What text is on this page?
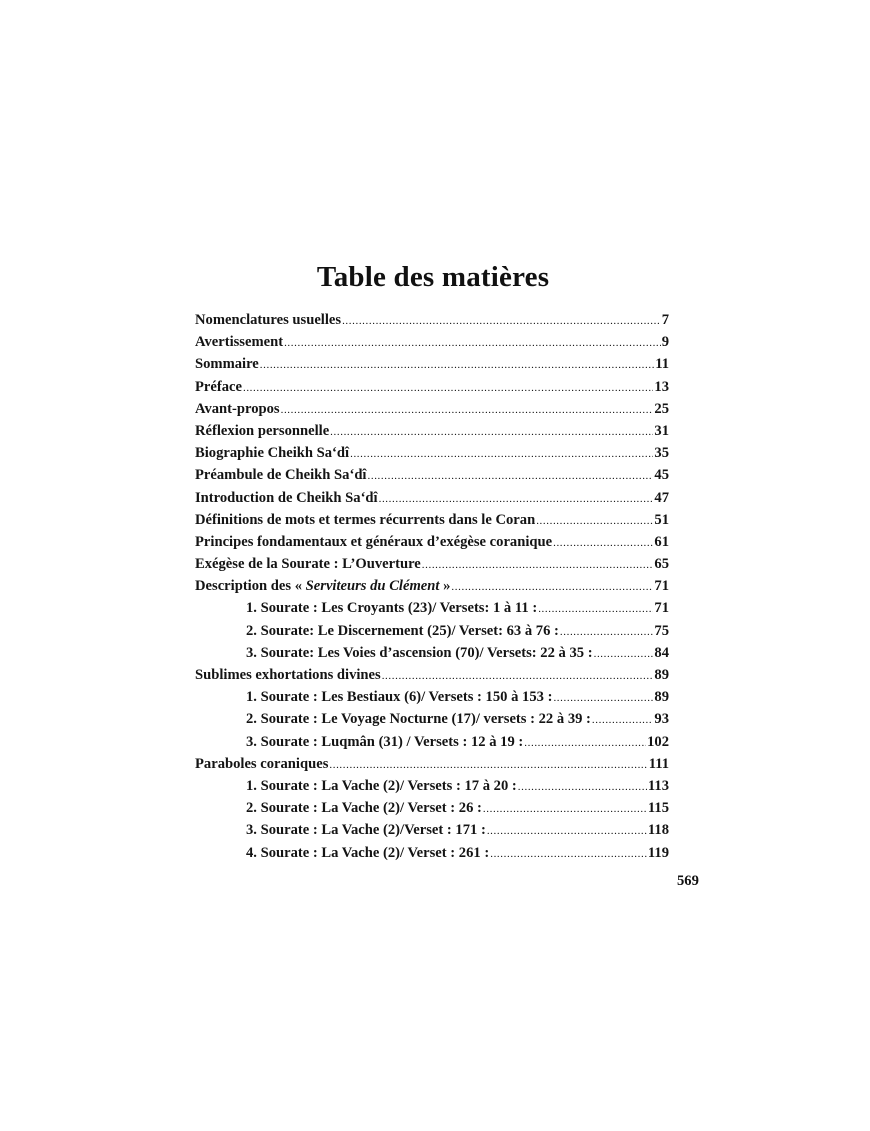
Table des matières
Nomenclatures usuelles .....	7
Avertissement .....	9
Sommaire .....	11
Préface .....	13
Avant-propos .....	25
Réflexion personnelle .....	31
Biographie Cheikh Sa‘dî .....	35
Préambule de Cheikh Sa‘dî .....	45
Introduction de Cheikh Sa‘dî .....	47
Définitions de mots et termes récurrents dans le Coran .....	51
Principes fondamentaux et généraux d’exégèse coranique .....	61
Exégèse de la Sourate : L’Ouverture .....	65
Description des « Serviteurs du Clément » .....	71
1. Sourate : Les Croyants (23)/ Versets: 1 à 11 : .....	71
2. Sourate: Le Discernement (25)/ Verset: 63 à 76 : .....	75
3. Sourate: Les Voies d’ascension (70)/ Versets: 22 à 35 : .....	84
Sublimes exhortations divines .....	89
1. Sourate : Les Bestiaux (6)/ Versets : 150 à 153 : .....	89
2. Sourate : Le Voyage Nocturne (17)/ versets : 22 à 39 : .....	93
3. Sourate : Luqmân (31) / Versets : 12 à 19 : .....	102
Paraboles coraniques .....	111
1. Sourate : La Vache (2)/ Versets : 17 à 20 : .....	113
2. Sourate : La Vache (2)/ Verset : 26 : .....	115
3. Sourate : La Vache (2)/Verset : 171 : .....	118
4. Sourate : La Vache (2)/ Verset : 261 : .....	119
569
